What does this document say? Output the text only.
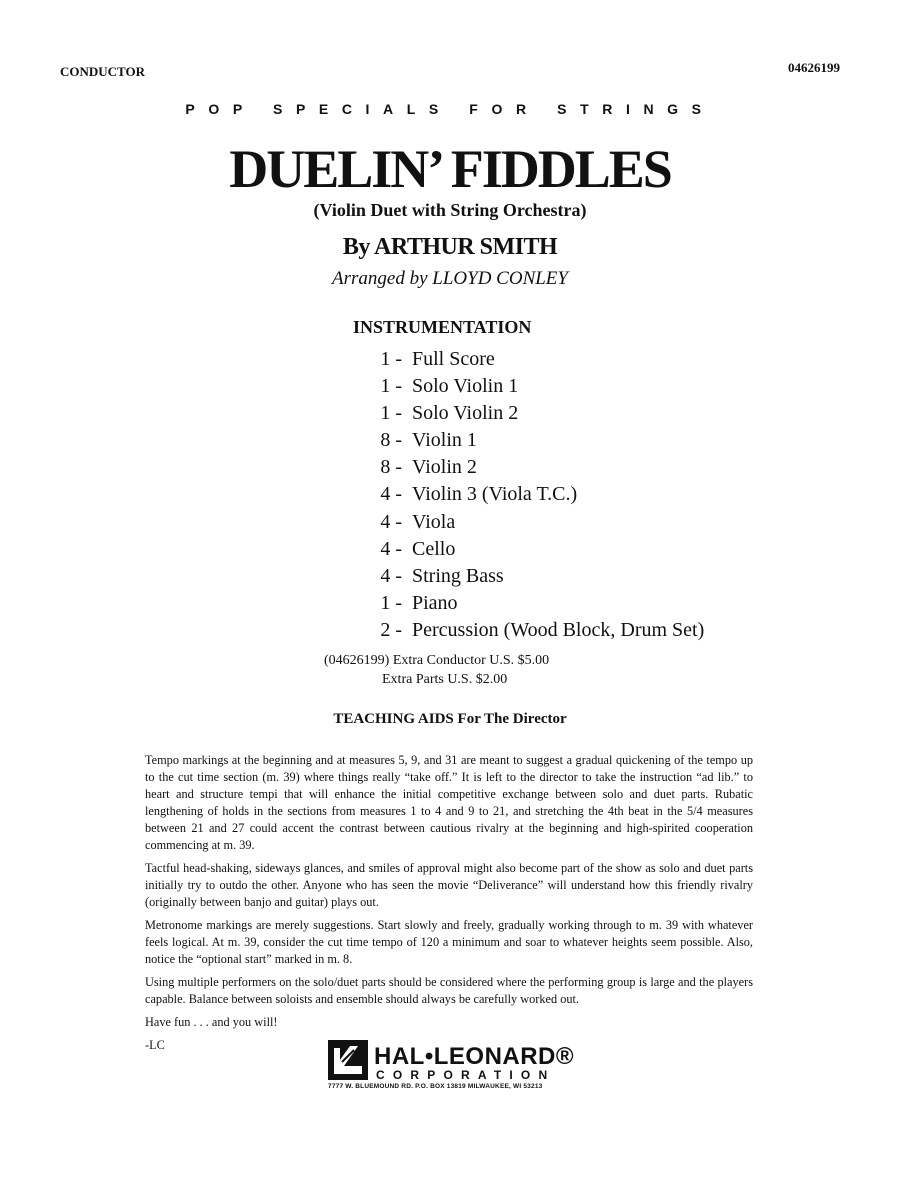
CONDUCTOR	04626199
POP SPECIALS FOR STRINGS
DUELIN’ FIDDLES
(Violin Duet with String Orchestra)
By ARTHUR SMITH
Arranged by LLOYD CONLEY
INSTRUMENTATION
1 - Full Score
1 - Solo Violin 1
1 - Solo Violin 2
8 - Violin 1
8 - Violin 2
4 - Violin 3 (Viola T.C.)
4 - Viola
4 - Cello
4 - String Bass
1 - Piano
2 - Percussion (Wood Block, Drum Set)
(04626199) Extra Conductor U.S. $5.00
Extra Parts U.S. $2.00
TEACHING AIDS For The Director

Tempo markings at the beginning and at measures 5, 9, and 31 are meant to suggest a gradual quickening of the tempo up to the cut time section (m. 39) where things really “take off.” It is left to the director to take the instruction “ad lib.” to heart and structure tempi that will enhance the initial competitive exchange between solo and duet parts. Rubatic lengthening of holds in the sections from measures 1 to 4 and 9 to 21, and stretching the 4th beat in the 5/4 measures between 21 and 27 could accent the contrast between cautious rivalry at the beginning and high-spirited cooperation commencing at m. 39.

Tactful head-shaking, sideways glances, and smiles of approval might also become part of the show as solo and duet parts initially try to outdo the other. Anyone who has seen the movie “Deliverance” will understand how this friendly rivalry (originally between banjo and guitar) plays out.

Metronome markings are merely suggestions. Start slowly and freely, gradually working through to m. 39 with whatever feels logical. At m. 39, consider the cut time tempo of 120 a minimum and soar to whatever heights seem possible. Also, notice the “optional start” marked in m. 8.

Using multiple performers on the solo/duet parts should be considered where the performing group is large and the players capable. Balance between soloists and ensemble should always be carefully worked out.

Have fun . . . and you will!

-LC	HAL•LEONARD®
CORPORATION
7777 W. BLUEMOUND RD. P.O. BOX 13819 MILWAUKEE, WI 53213
